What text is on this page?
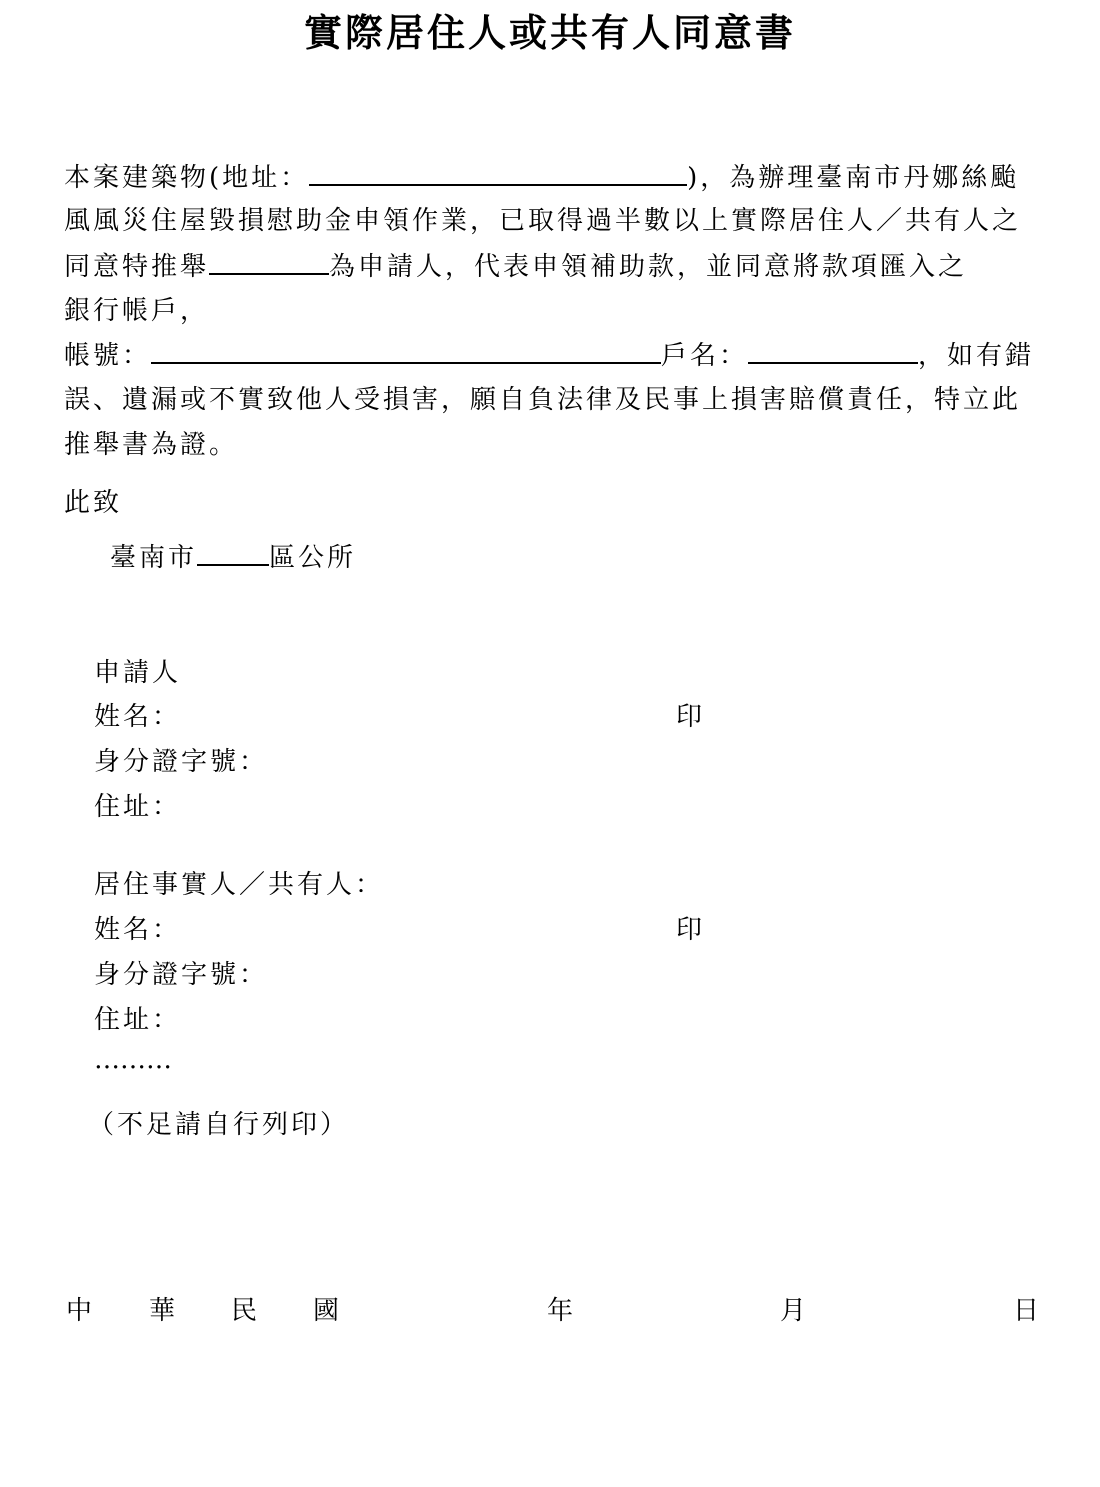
實際居住人或共有人同意書
本案建築物(地址：	)，為辦理臺南市丹娜絲颱
風風災住屋毀損慰助金申領作業，已取得過半數以上實際居住人／共有人之
同意特推舉	為申請人，代表申領補助款，並同意將款項匯入之
銀行帳戶，
帳號：	戶名：	，如有錯
誤、遺漏或不實致他人受損害，願自負法律及民事上損害賠償責任，特立此
推舉書為證。
此致
臺南市	區公所
申請人
姓名：	印
身分證字號：
住址：
居住事實人／共有人：
姓名：	印
身分證字號：
住址：
………
（不足請自行列印）
中 華 民 國	年	月	日
